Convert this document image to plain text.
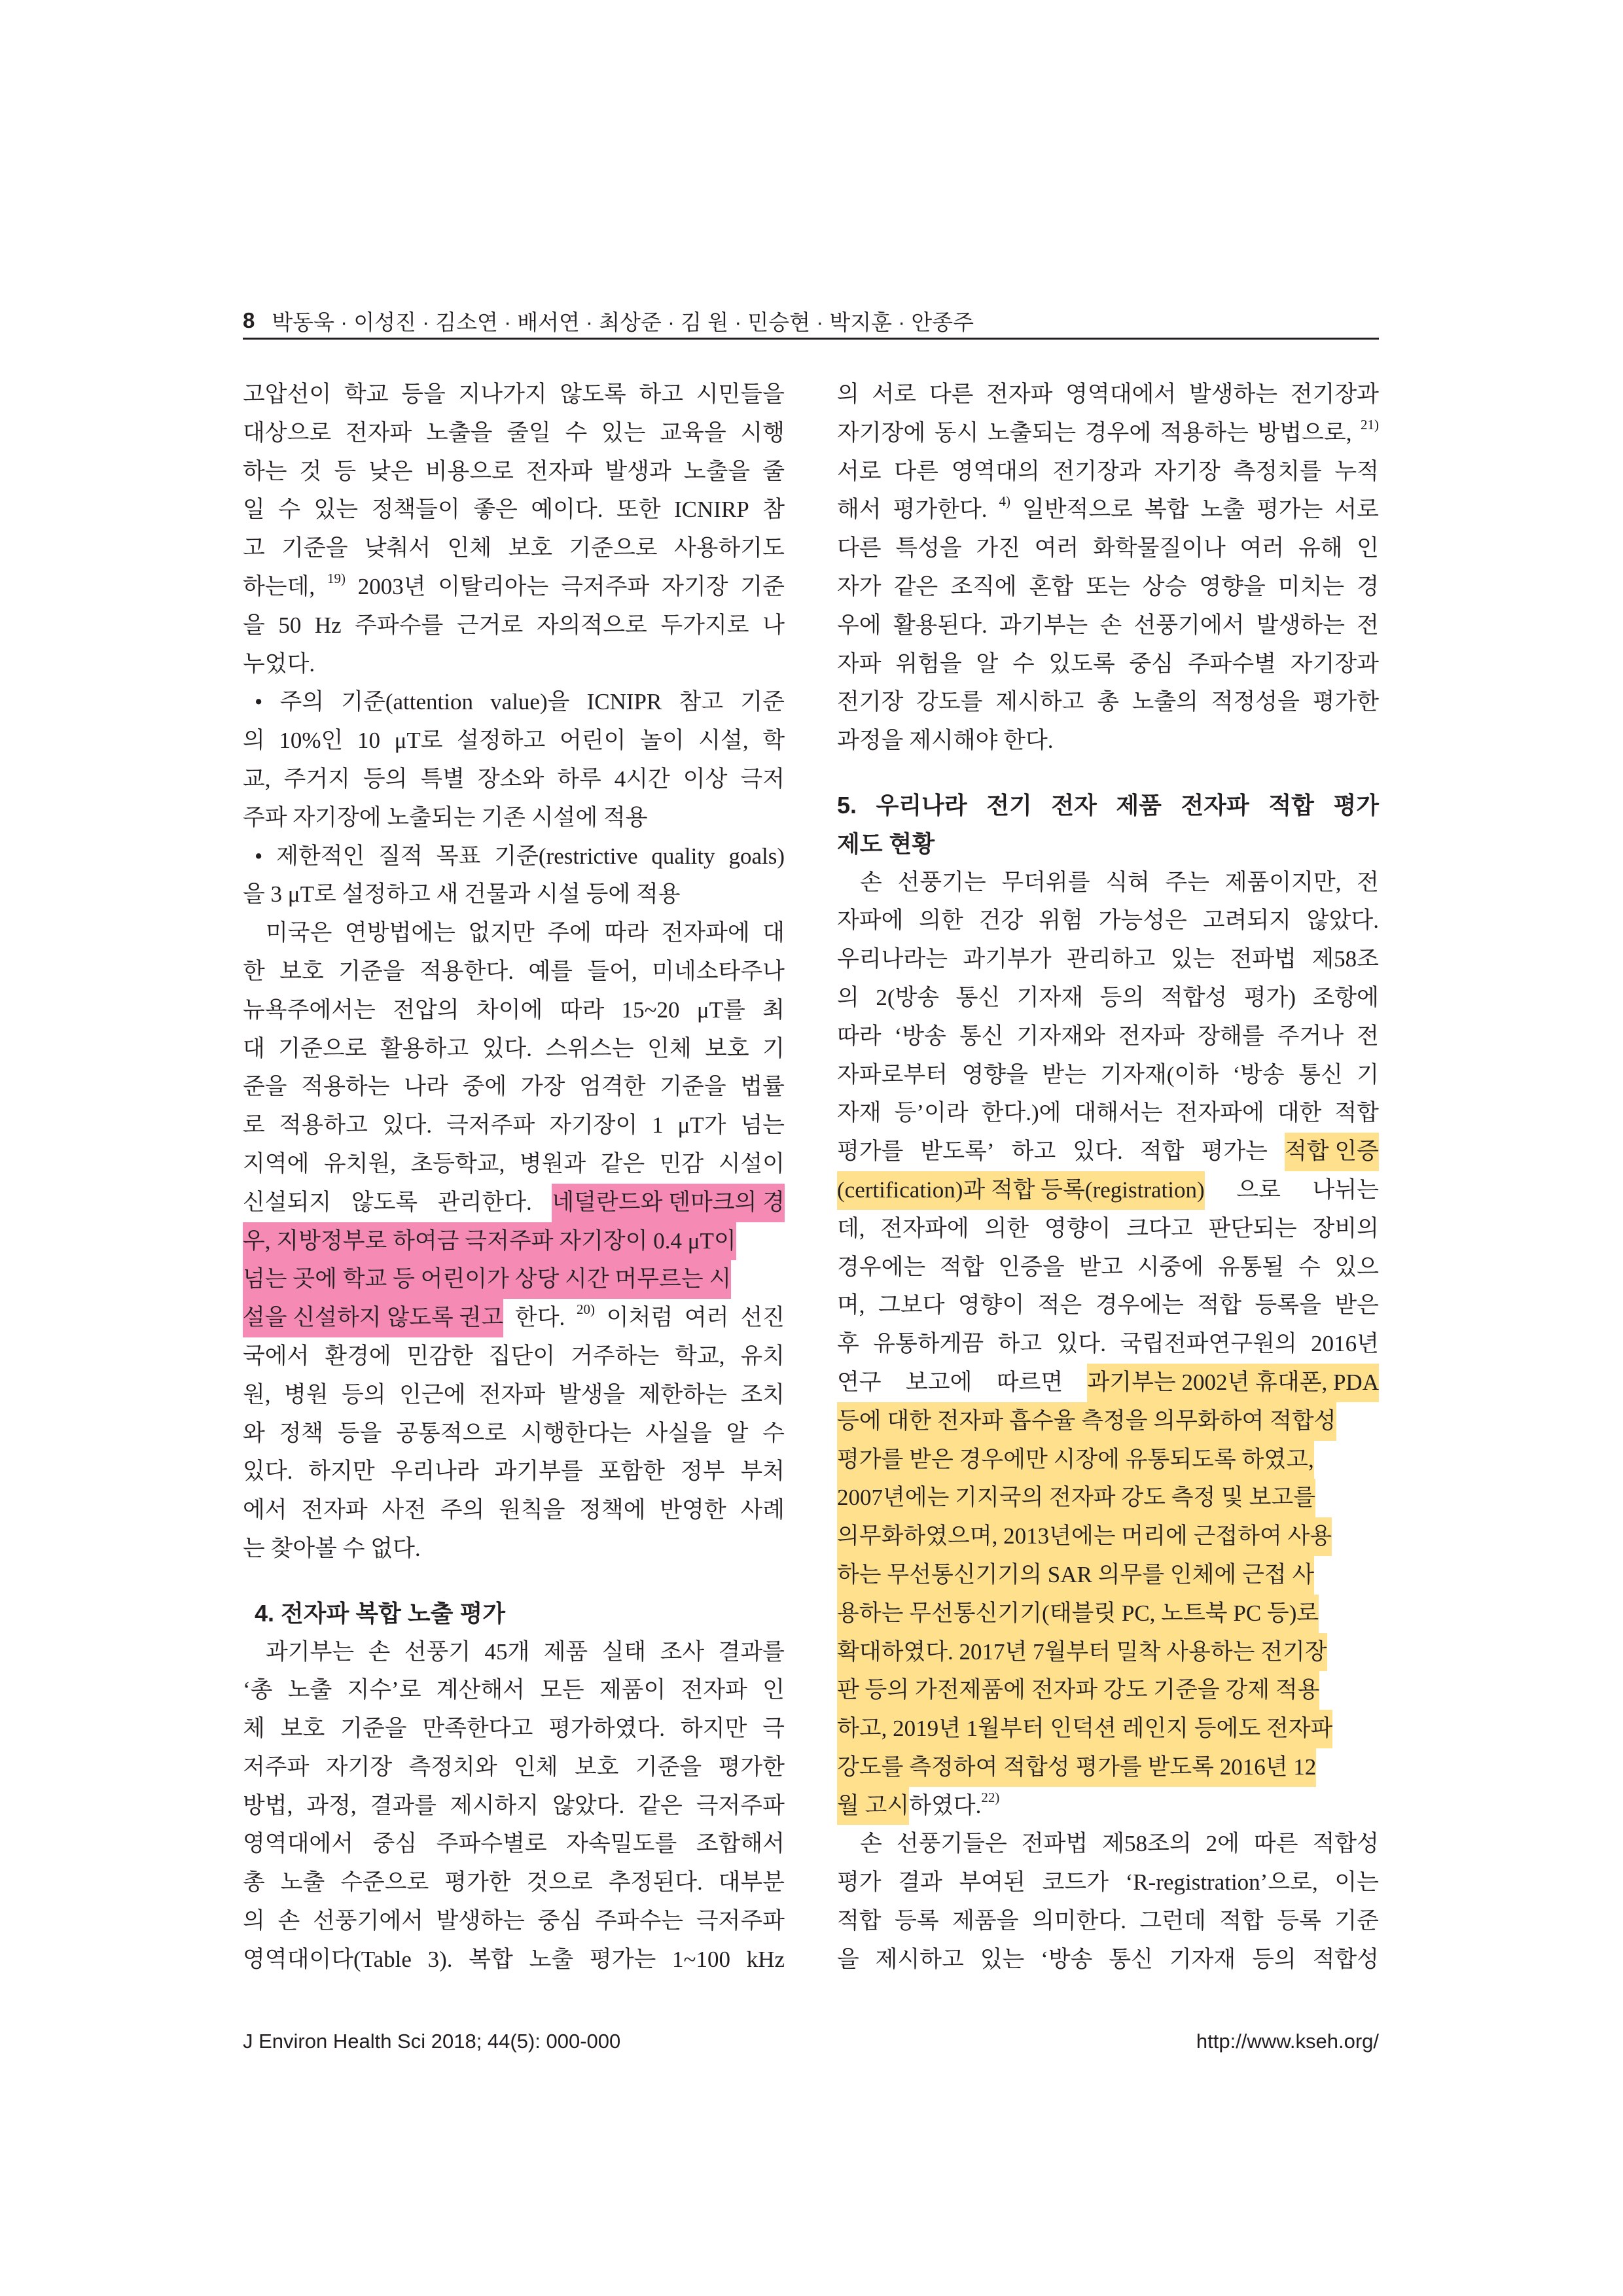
8 박동욱 · 이성진 · 김소연 · 배서연 · 최상준 · 김 원 · 민승현 · 박지훈 · 안종주
고압선이 학교 등을 지나가지 않도록 하고 시민들을
대상으로 전자파 노출을 줄일 수 있는 교육을 시행
하는 것 등 낮은 비용으로 전자파 발생과 노출을 줄
일 수 있는 정책들이 좋은 예이다. 또한 ICNIRP 참
고 기준을 낮춰서 인체 보호 기준으로 사용하기도
하는데, 19) 2003년 이탈리아는 극저주파 자기장 기준
을 50 Hz 주파수를 근거로 자의적으로 두가지로 나
누었다.
• 주의 기준(attention value)을 ICNIPR 참고 기준
의 10%인 10 μT로 설정하고 어린이 놀이 시설, 학
교, 주거지 등의 특별 장소와 하루 4시간 이상 극저
주파 자기장에 노출되는 기존 시설에 적용
• 제한적인 질적 목표 기준(restrictive quality goals)
을 3 μT로 설정하고 새 건물과 시설 등에 적용
미국은 연방법에는 없지만 주에 따라 전자파에 대
한 보호 기준을 적용한다. 예를 들어, 미네소타주나
뉴욕주에서는 전압의 차이에 따라 15~20 μT를 최
대 기준으로 활용하고 있다. 스위스는 인체 보호 기
준을 적용하는 나라 중에 가장 엄격한 기준을 법률
로 적용하고 있다. 극저주파 자기장이 1 μT가 넘는
지역에 유치원, 초등학교, 병원과 같은 민감 시설이
신설되지 않도록 관리한다. 네덜란드와 덴마크의 경
우, 지방정부로 하여금 극저주파 자기장이 0.4 μT이
넘는 곳에 학교 등 어린이가 상당 시간 머무르는 시
설을 신설하지 않도록 권고 한다. 20) 이처럼 여러 선진
국에서 환경에 민감한 집단이 거주하는 학교, 유치
원, 병원 등의 인근에 전자파 발생을 제한하는 조치
와 정책 등을 공통적으로 시행한다는 사실을 알 수
있다. 하지만 우리나라 과기부를 포함한 정부 부처
에서 전자파 사전 주의 원칙을 정책에 반영한 사례
는 찾아볼 수 없다.
4. 전자파 복합 노출 평가
과기부는 손 선풍기 45개 제품 실태 조사 결과를
‘총 노출 지수’로 계산해서 모든 제품이 전자파 인
체 보호 기준을 만족한다고 평가하였다. 하지만 극
저주파 자기장 측정치와 인체 보호 기준을 평가한
방법, 과정, 결과를 제시하지 않았다. 같은 극저주파
영역대에서 중심 주파수별로 자속밀도를 조합해서
총 노출 수준으로 평가한 것으로 추정된다. 대부분
의 손 선풍기에서 발생하는 중심 주파수는 극저주파
영역대이다(Table 3). 복합 노출 평가는 1~100 kHz
의 서로 다른 전자파 영역대에서 발생하는 전기장과
자기장에 동시 노출되는 경우에 적용하는 방법으로, 21)
서로 다른 영역대의 전기장과 자기장 측정치를 누적
해서 평가한다. 4) 일반적으로 복합 노출 평가는 서로
다른 특성을 가진 여러 화학물질이나 여러 유해 인
자가 같은 조직에 혼합 또는 상승 영향을 미치는 경
우에 활용된다. 과기부는 손 선풍기에서 발생하는 전
자파 위험을 알 수 있도록 중심 주파수별 자기장과
전기장 강도를 제시하고 총 노출의 적정성을 평가한
과정을 제시해야 한다.
5. 우리나라 전기 전자 제품 전자파 적합 평가
제도 현황
손 선풍기는 무더위를 식혀 주는 제품이지만, 전
자파에 의한 건강 위험 가능성은 고려되지 않았다.
우리나라는 과기부가 관리하고 있는 전파법 제58조
의 2(방송 통신 기자재 등의 적합성 평가) 조항에
따라 ‘방송 통신 기자재와 전자파 장해를 주거나 전
자파로부터 영향을 받는 기자재(이하 ‘방송 통신 기
자재 등’이라 한다.)에 대해서는 전자파에 대한 적합
평가를 받도록’ 하고 있다. 적합 평가는 적합 인증
(certification)과 적합 등록(registration) 으로 나뉘는
데, 전자파에 의한 영향이 크다고 판단되는 장비의
경우에는 적합 인증을 받고 시중에 유통될 수 있으
며, 그보다 영향이 적은 경우에는 적합 등록을 받은
후 유통하게끔 하고 있다. 국립전파연구원의 2016년
연구 보고에 따르면 과기부는 2002년 휴대폰, PDA
등에 대한 전자파 흡수율 측정을 의무화하여 적합성
평가를 받은 경우에만 시장에 유통되도록 하였고,
2007년에는 기지국의 전자파 강도 측정 및 보고를
의무화하였으며, 2013년에는 머리에 근접하여 사용
하는 무선통신기기의 SAR 의무를 인체에 근접 사
용하는 무선통신기기(태블릿 PC, 노트북 PC 등)로
확대하였다. 2017년 7월부터 밀착 사용하는 전기장
판 등의 가전제품에 전자파 강도 기준을 강제 적용
하고, 2019년 1월부터 인덕션 레인지 등에도 전자파
강도를 측정하여 적합성 평가를 받도록 2016년 12
월 고시 하였다. 22)
손 선풍기들은 전파법 제58조의 2에 따른 적합성
평가 결과 부여된 코드가 ‘R-registration’으로, 이는
적합 등록 제품을 의미한다. 그런데 적합 등록 기준
을 제시하고 있는 ‘방송 통신 기자재 등의 적합성
J Environ Health Sci 2018; 44(5): 000-000	http://www.kseh.org/
